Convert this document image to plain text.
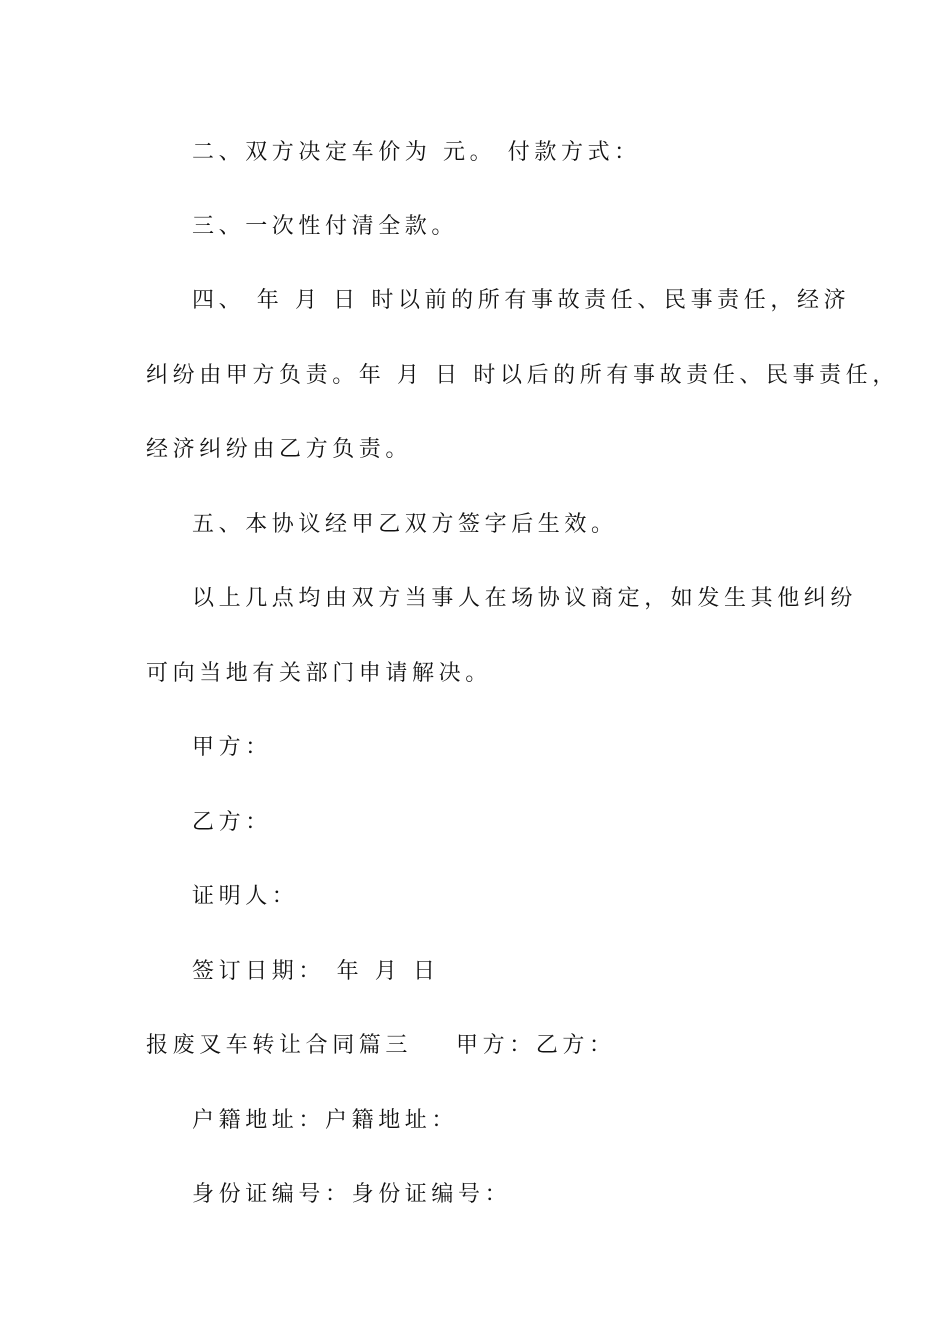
二、双方决定车价为 元。 付款方式：

三、一次性付清全款。

四、 年 月 日 时以前的所有事故责任、民事责任，经济

纠纷由甲方负责。年 月 日 时以后的所有事故责任、民事责任，

经济纠纷由乙方负责。

五、本协议经甲乙双方签字后生效。

以上几点均由双方当事人在场协议商定，如发生其他纠纷

可向当地有关部门申请解决。

甲方：

乙方：

证明人：

签订日期： 年 月 日

报废叉车转让合同篇三 甲方：乙方：

户籍地址：户籍地址：

身份证编号：身份证编号：
